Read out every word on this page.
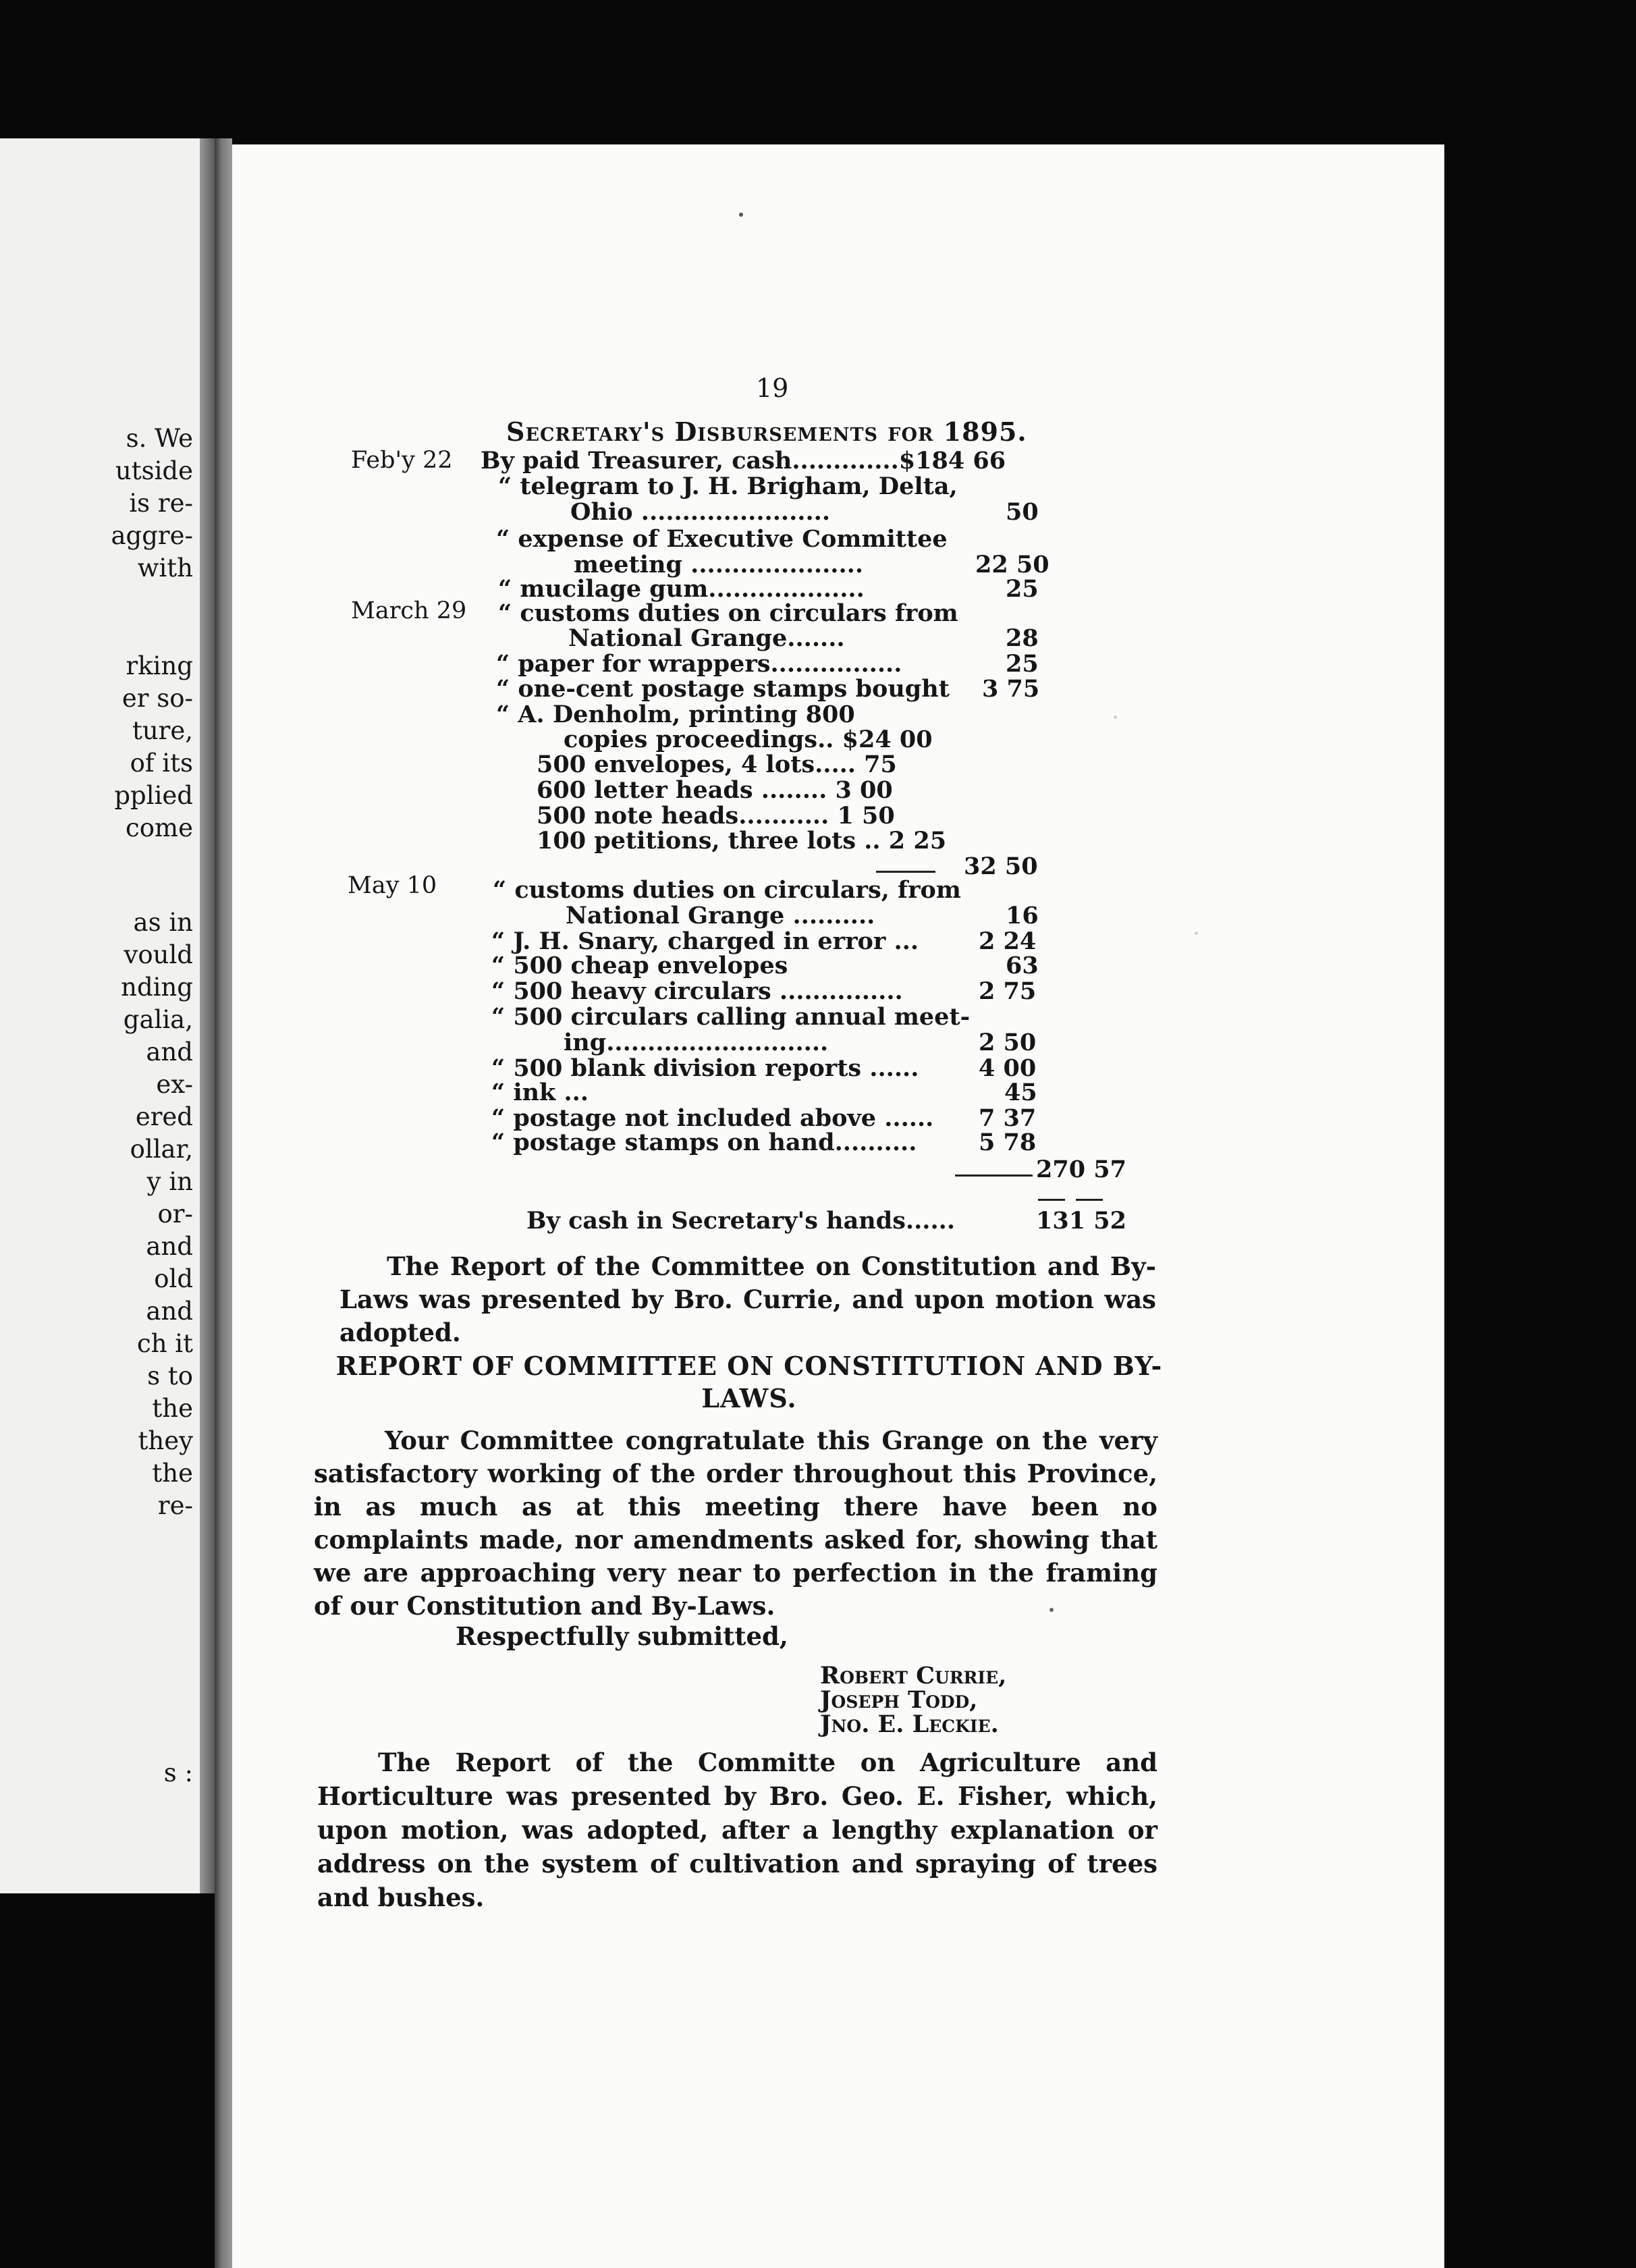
s. We
utside
is re-
aggre-
with
rking
er so-
ture,
of its
pplied
come
as in
vould
nding
galia,
and
ex-
ered
ollar,
y in
or-
and
old
and
ch it
s to
the
they
the
re-
s :
19
Secretary's Disbursements for 1895.
Feb'y 22
March 29
May 10
By paid Treasurer, cash.............$184 66
“ telegram to J. H. Brigham, Delta,
Ohio .......................
“ expense of Executive Committee
meeting .....................
“ mucilage gum...................
“ customs duties on circulars from
National Grange.......
“ paper for wrappers................
“ one-cent postage stamps bought
“ A. Denholm, printing 800
copies proceedings.. $24 00
500 envelopes, 4 lots..... 75
600 letter heads ........ 3 00
500 note heads........... 1 50
100 petitions, three lots .. 2 25
“ customs duties on circulars, from
National Grange ..........
“ J. H. Snary, charged in error ...
“ 500 cheap envelopes
“ 500 heavy circulars ...............
“ 500 circulars calling annual meet-
ing...........................
“ 500 blank division reports ......
“ ink ...
“ postage not included above ......
“ postage stamps on hand..........
By cash in Secretary's hands......
50
22 50
25
28
25
3 75
32 50
16
2 24
63
2 75
2 50
4 00
45
7 37
5 78
270 57
131 52
The Report of the Committee on Constitution and By-Laws was presented by Bro. Currie, and upon motion was adopted.
REPORT OF COMMITTEE ON CONSTITUTION AND BY-
LAWS.
Your Committee congratulate this Grange on the very satisfactory working of the order throughout this Province, in as much as at this meeting there have been no complaints made, nor amendments asked for, showing that we are approaching very near to perfection in the framing of our Constitution and By-Laws.
Respectfully submitted,
Robert Currie,
Joseph Todd,
Jno. E. Leckie.
The Report of the Committe on Agriculture and Horticulture was presented by Bro. Geo. E. Fisher, which, upon motion, was adopted, after a lengthy explanation or address on the system of cultivation and spraying of trees and bushes.
